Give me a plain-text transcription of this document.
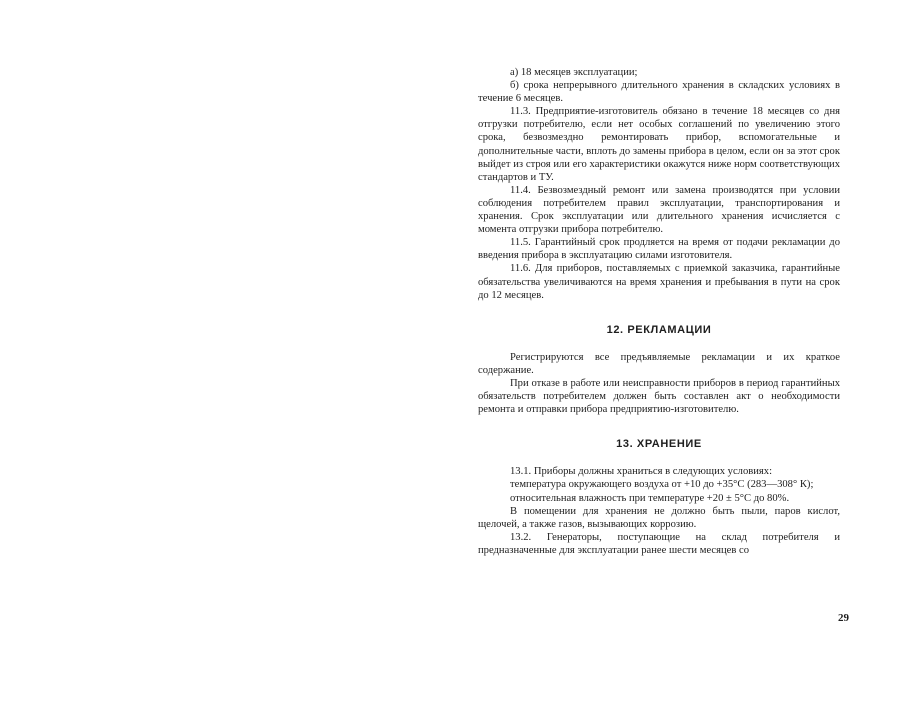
а) 18 месяцев эксплуатации;

б) срока непрерывного длительного хранения в складских условиях в течение 6 месяцев.

11.3. Предприятие-изготовитель обязано в течение 18 месяцев со дня отгрузки потребителю, если нет особых соглашений по увеличению этого срока, безвозмездно ремонтировать прибор, вспомогательные и дополнительные части, вплоть до замены прибора в целом, если он за этот срок выйдет из строя или его характеристики окажутся ниже норм соответствующих стандартов и ТУ.

11.4. Безвозмездный ремонт или замена производятся при условии соблюдения потребителем правил эксплуатации, транспортирования и хранения. Срок эксплуатации или длительного хранения исчисляется с момента отгрузки прибора потребителю.

11.5. Гарантийный срок продляется на время от подачи рекламации до введения прибора в эксплуатацию силами изготовителя.

11.6. Для приборов, поставляемых с приемкой заказчика, гарантийные обязательства увеличиваются на время хранения и пребывания в пути на срок до 12 месяцев.

12. РЕКЛАМАЦИИ

Регистрируются все предъявляемые рекламации и их краткое содержание.

При отказе в работе или неисправности приборов в период гарантийных обязательств потребителем должен быть составлен акт о необходимости ремонта и отправки прибора предприятию-изготовителю.

13. ХРАНЕНИЕ

13.1. Приборы должны храниться в следующих условиях:

температура окружающего воздуха от +10 до +35°С (283—308° К);

относительная влажность при температуре +20 ± 5°С до 80%.

В помещении для хранения не должно быть пыли, паров кислот, щелочей, а также газов, вызывающих коррозию.

13.2. Генераторы, поступающие на склад потребителя и предназначенные для эксплуатации ранее шести месяцев со

29
